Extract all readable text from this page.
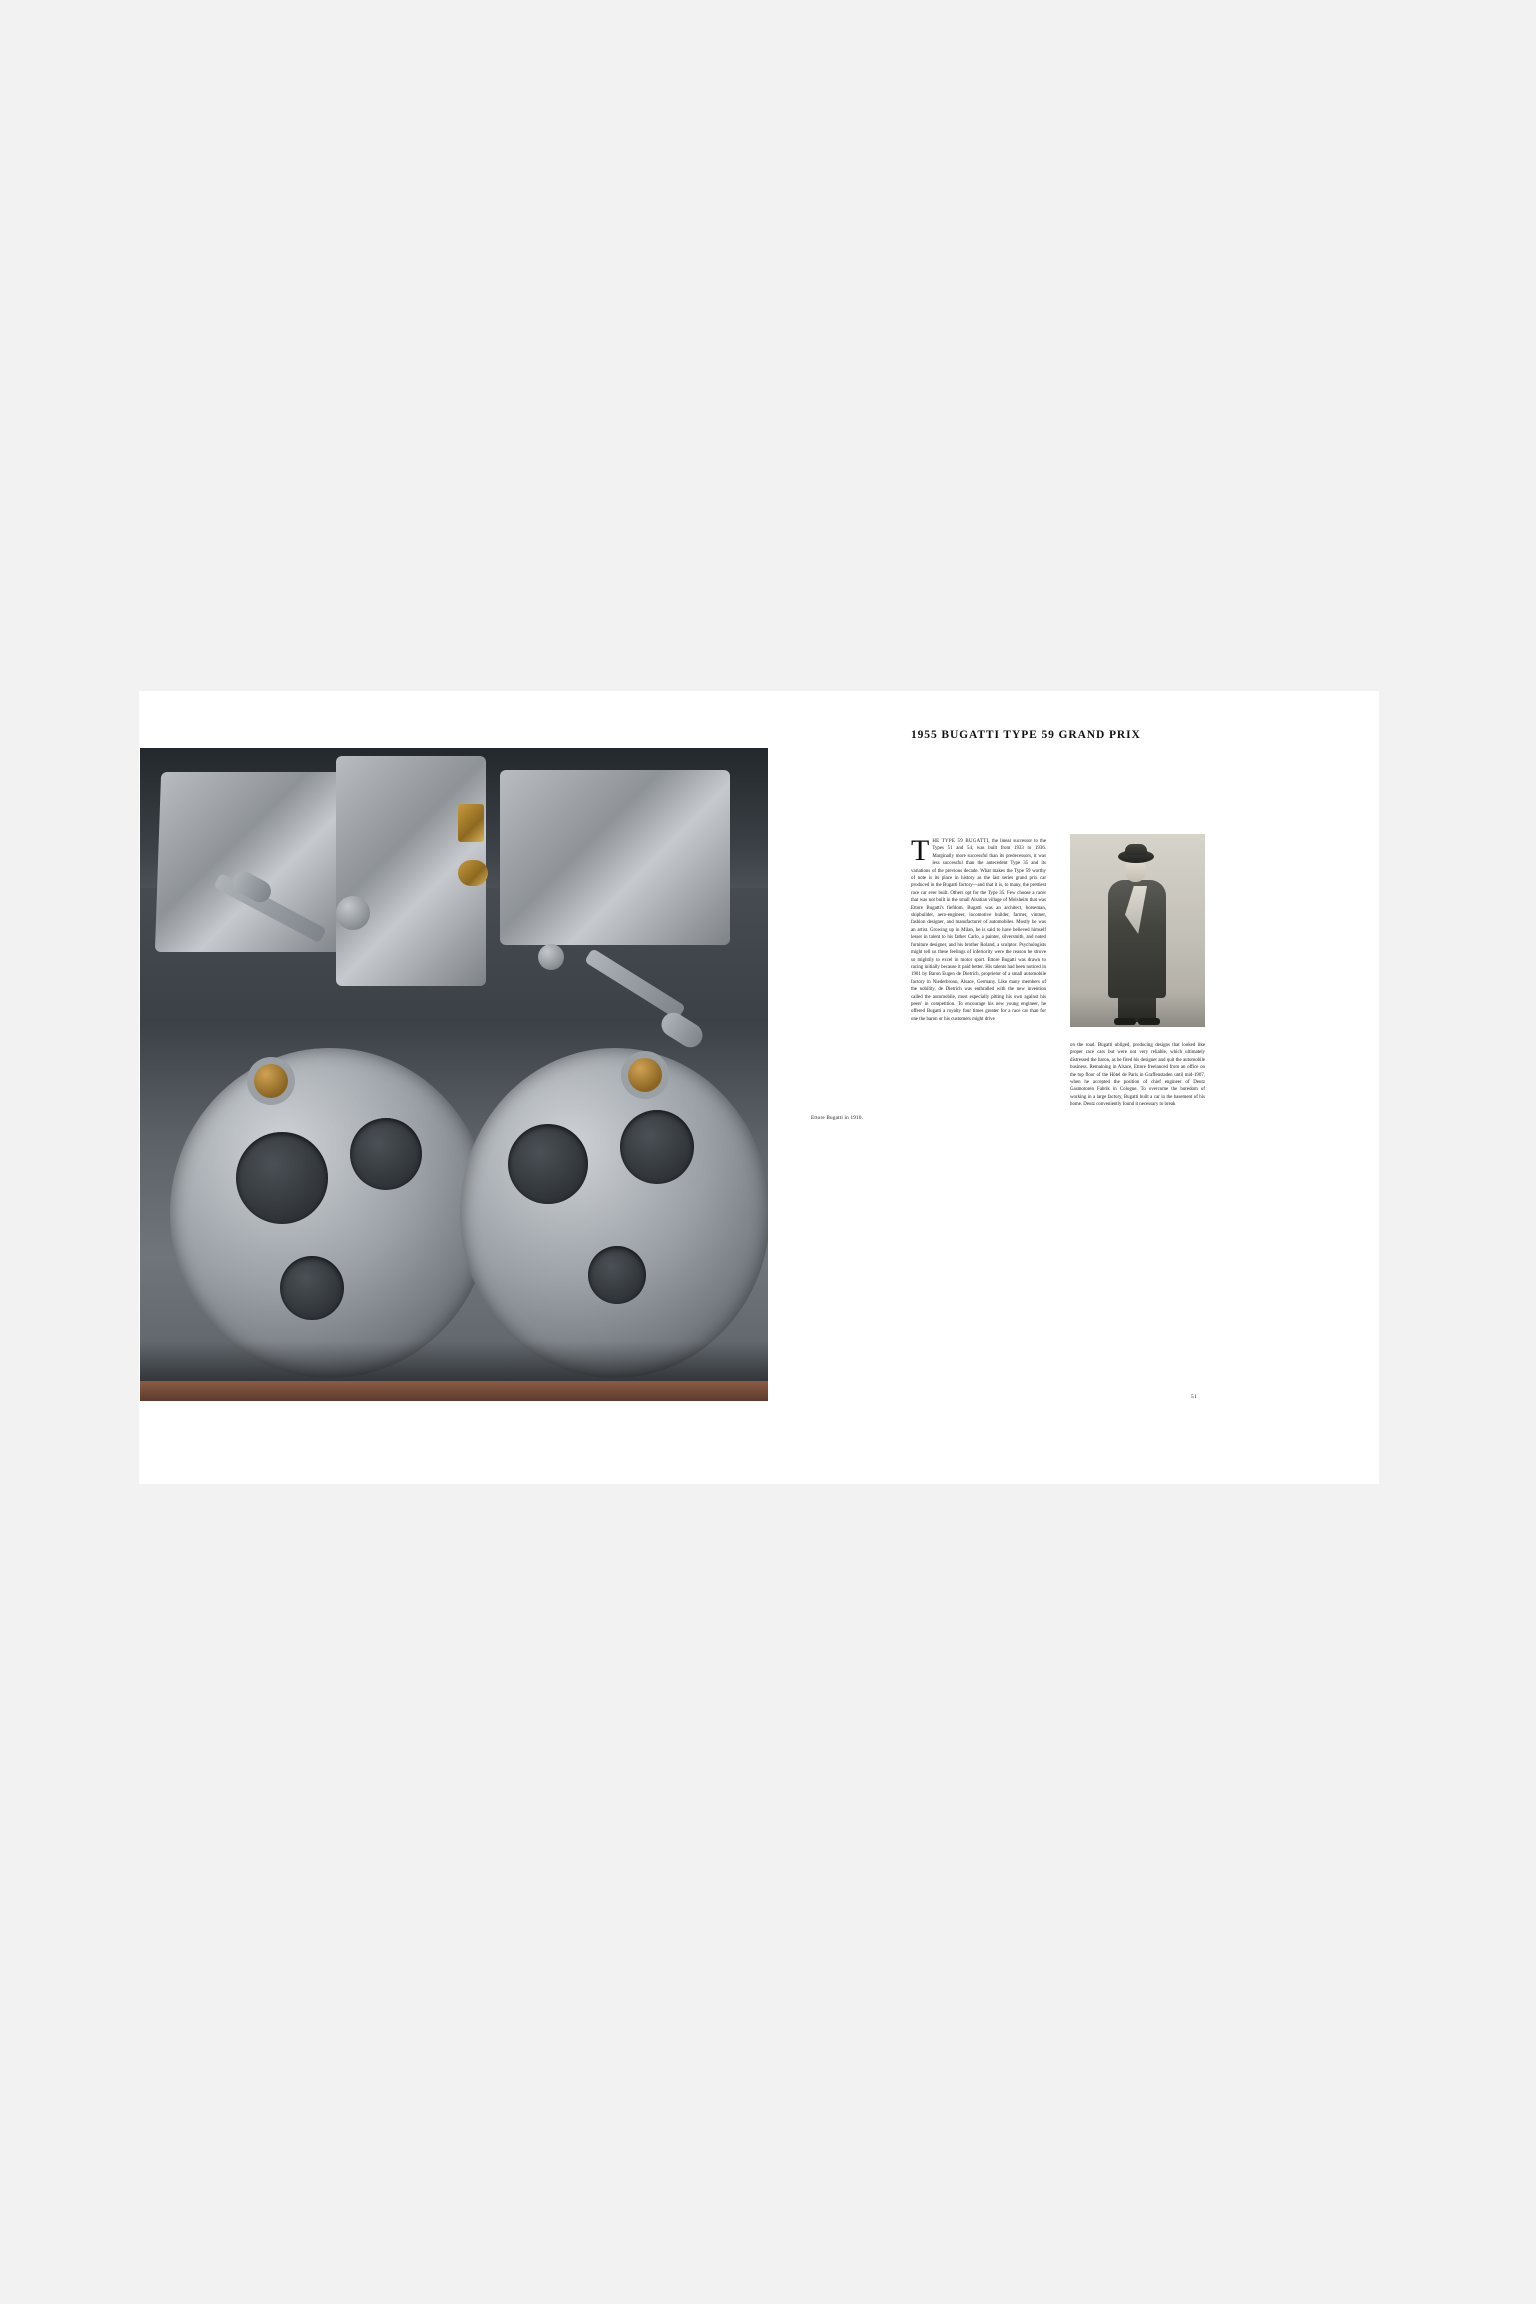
Ettore Bugatti in 1910.
1955 BUGATTI TYPE 59 GRAND PRIX
THE TYPE 59 BUGATTI, the linear successor to the Types 51 and 54, was built from 1933 to 1936. Marginally more successful than its predecessors, it was less successful than the antecedent Type 35 and its variations of the previous decade. What makes the Type 59 worthy of note is its place in history as the last series grand prix car produced in the Bugatti factory—and that it is, to many, the prettiest race car ever built. Others opt for the Type 35. Few choose a racer that was not built in the small Alsatian village of Molsheim that was Ettore Bugatti's fiefdom. Bugatti was an architect, horseman, shipbuilder, aero-engineer, locomotive builder, farmer, vintner, fashion designer, and manufacturer of automobiles. Mostly he was an artist. Growing up in Milan, he is said to have believed himself lesser in talent to his father Carlo, a painter, silversmith, and noted furniture designer, and his brother Roland, a sculptor. Psychologists might tell us these feelings of inferiority were the reason he strove so mightily to excel in motor sport. Ettore Bugatti was drawn to racing initially because it paid better. His talents had been noticed in 1901 by Baron Eugen de Dietrich, proprietor of a small automobile factory in Niederbronn, Alsace, Germany. Like many members of the nobility, de Dietrich was enthralled with the new invention called the automobile, most especially pitting his own against his peers' in competition. To encourage his new young engineer, he offered Bugatti a royalty four times greater for a race car than for one the baron or his customers might drive
on the road. Bugatti obliged, producing designs that looked like proper race cars but were not very reliable, which ultimately distressed the baron, as he fired his designer and quit the automobile business. Remaining in Alsace, Ettore freelanced from an office on the top floor of the Hôtel de Paris in Graffenstaden until mid-1907, when he accepted the position of chief engineer of Deutz Gasmotoren Fabrik in Cologne. To overcome the boredom of working in a large factory, Bugatti built a car in the basement of his home. Deutz conveniently found it necessary to break
51
